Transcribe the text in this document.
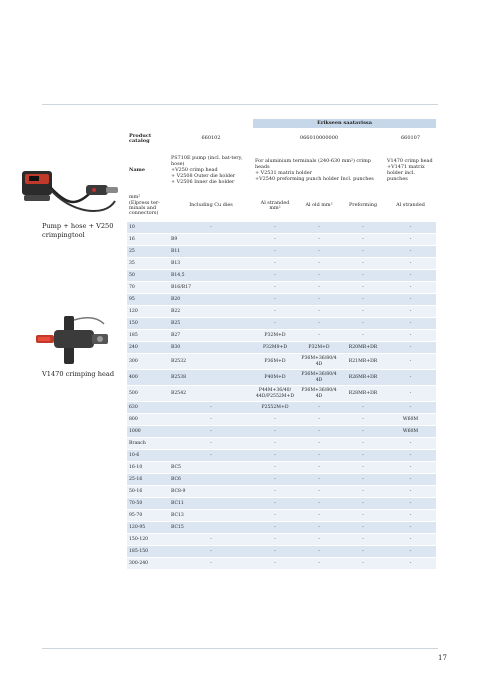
Pump + hose + V250 crimpingtool
V1470 crimping head
		Erikseen saatavissa			
Product catalog	660102	066010000000			660107
Name	PS710E pump (incl. bat-tery, hose)
+V250 crimp head
+ V2508 Outer die holder
+ V2506 Inner die holder	For aluminium terminals (240-630 mm²) crimp heads
+ V2531 matrix holder
+V2540 preforming punch holder Incl. punches			V1470 crimp head
+V1471 matrix holder incl. punches
mm²
(Elpress ter-minals and connectors)	Including Cu dies	Al stranded mm²	Al old mm²	Preforming	Al stranded
10	-	-	-	-	-
16	B9	-	-	-	-
25	B11	-	-	-	-
35	B13	-	-	-	-
50	B14,5	-	-	-	-
70	B16/B17	-	-	-	-
95	B20	-	-	-	-
120	B22	-	-	-	-
150	B25	-	-	-	-
185	B27	P32M+D	-	-	-
240	B30	P32M9+D	P32M+D	R20MR+DR	-
300	B2532	P36M+D	P36M+36/80/4 4D	R21MR+DR	-
400	B2538	P40M+D	P36M+36/80/4 4D	R26MR+DR	-
500	B2542	P44M+36/40/ 44D/P2552M+D	P36M+36/80/4 4D	R28MR+DR	-
630	-	P2552M+D	-	-	-
800	-	-	-	-	W60M
1000	-	-	-	-	W60M
Branch	-	-	-	-	-
10-6	-	-	-	-	-
16-10	BC5	-	-	-	-
25-16	BC6	-	-	-	-
50-16	BC8-9	-	-	-	-
70-50	BC11	-	-	-	-
95-70	BC13	-	-	-	-
120-95	BC15	-	-	-	-
150-120	-	-	-	-	-
185-150	-	-	-	-	-
300-240	-	-	-	-	-
17
